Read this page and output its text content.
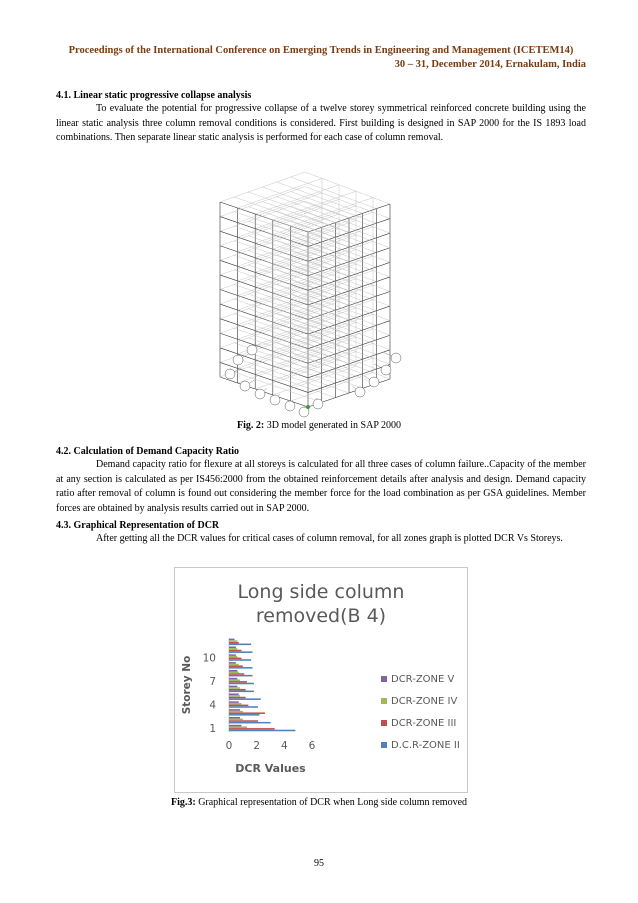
Proceedings of the International Conference on Emerging Trends in Engineering and Management (ICETEM14)
30 – 31, December 2014, Ernakulam, India
4.1. Linear static progressive collapse analysis
To evaluate the potential for progressive collapse of a twelve storey symmetrical reinforced concrete building using the linear static analysis three column removal conditions is considered. First building is designed in SAP 2000 for the IS 1893 load combinations. Then separate linear static analysis is performed for each case of column removal.
Fig. 2: 3D model generated in SAP 2000
4.2. Calculation of Demand Capacity Ratio
Demand capacity ratio for flexure at all storeys is calculated for all three cases of column failure..Capacity of the member at any section is calculated as per IS456:2000 from the obtained reinforcement details after analysis and design. Demand capacity ratio after removal of column is found out considering the member force for the load combination as per GSA guidelines. Member forces are obtained by analysis results carried out in SAP 2000.
4.3. Graphical Representation of DCR
After getting all the DCR values for critical cases of column removal, for all zones graph is plotted DCR Vs Storeys.
Long side column
removed(B 4)
0 2 4 6
1
4
7
10
DCR Values
Storey No	DCR-ZONE V
DCR-ZONE IV
DCR-ZONE III
D.C.R-ZONE II
Fig.3: Graphical representation of DCR when Long side column removed
95
